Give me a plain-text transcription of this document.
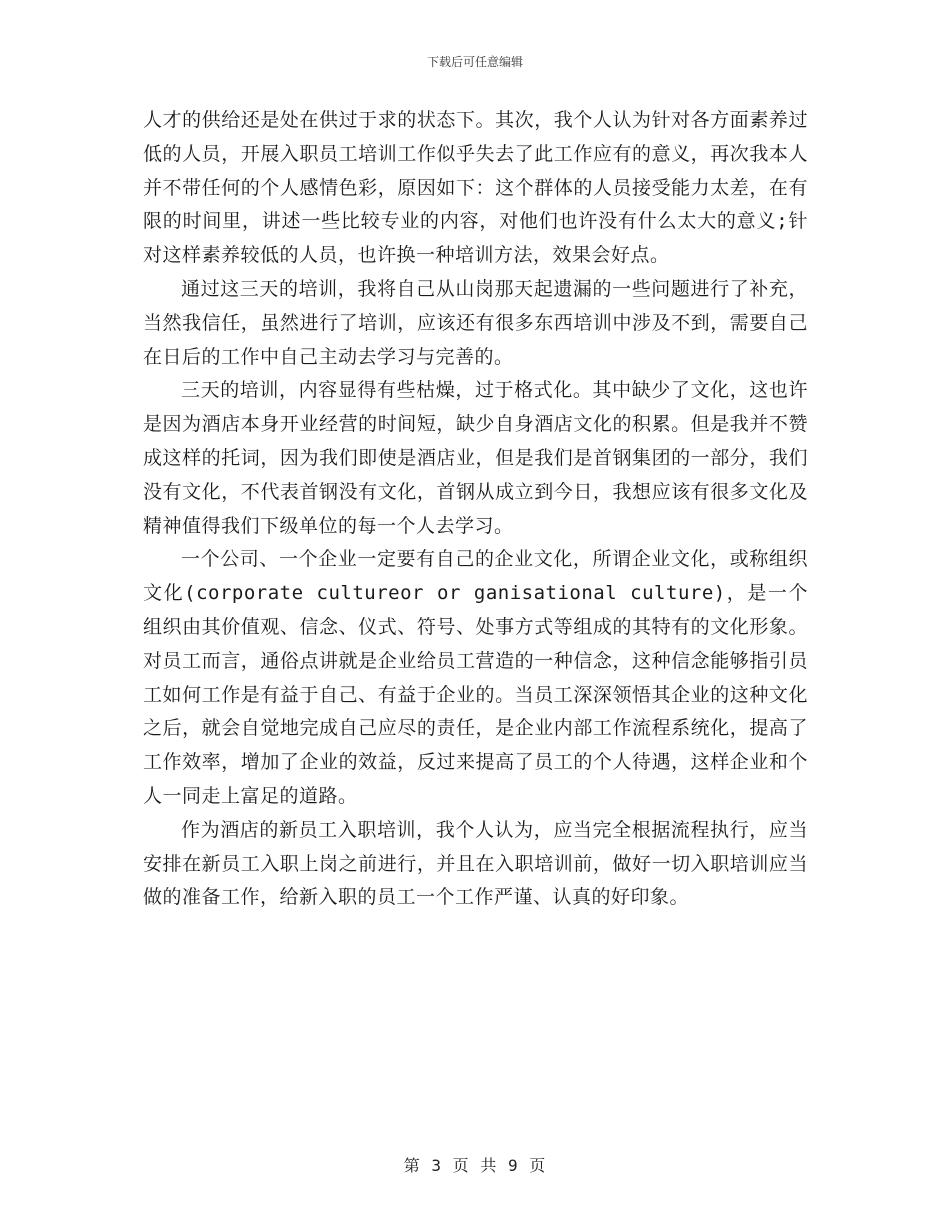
下载后可任意编辑

人才的供给还是处在供过于求的状态下。其次，我个人认为针对各方面素养过低的人员，开展入职员工培训工作似乎失去了此工作应有的意义，再次我本人并不带任何的个人感情色彩，原因如下：这个群体的人员接受能力太差，在有限的时间里，讲述一些比较专业的内容，对他们也许没有什么太大的意义;针对这样素养较低的人员，也许换一种培训方法，效果会好点。

通过这三天的培训，我将自己从山岗那天起遗漏的一些问题进行了补充，当然我信任，虽然进行了培训，应该还有很多东西培训中涉及不到，需要自己在日后的工作中自己主动去学习与完善的。

三天的培训，内容显得有些枯燥，过于格式化。其中缺少了文化，这也许是因为酒店本身开业经营的时间短，缺少自身酒店文化的积累。但是我并不赞成这样的托词，因为我们即使是酒店业，但是我们是首钢集团的一部分，我们没有文化，不代表首钢没有文化，首钢从成立到今日，我想应该有很多文化及精神值得我们下级单位的每一个人去学习。

一个公司、一个企业一定要有自己的企业文化，所谓企业文化，或称组织文化(corporate cultureor or ganisational culture)，是一个组织由其价值观、信念、仪式、符号、处事方式等组成的其特有的文化形象。对员工而言，通俗点讲就是企业给员工营造的一种信念，这种信念能够指引员工如何工作是有益于自己、有益于企业的。当员工深深领悟其企业的这种文化之后，就会自觉地完成自己应尽的责任，是企业内部工作流程系统化，提高了工作效率，增加了企业的效益，反过来提高了员工的个人待遇，这样企业和个人一同走上富足的道路。

作为酒店的新员工入职培训，我个人认为，应当完全根据流程执行，应当安排在新员工入职上岗之前进行，并且在入职培训前，做好一切入职培训应当做的准备工作，给新入职的员工一个工作严谨、认真的好印象。

第 3 页 共 9 页
